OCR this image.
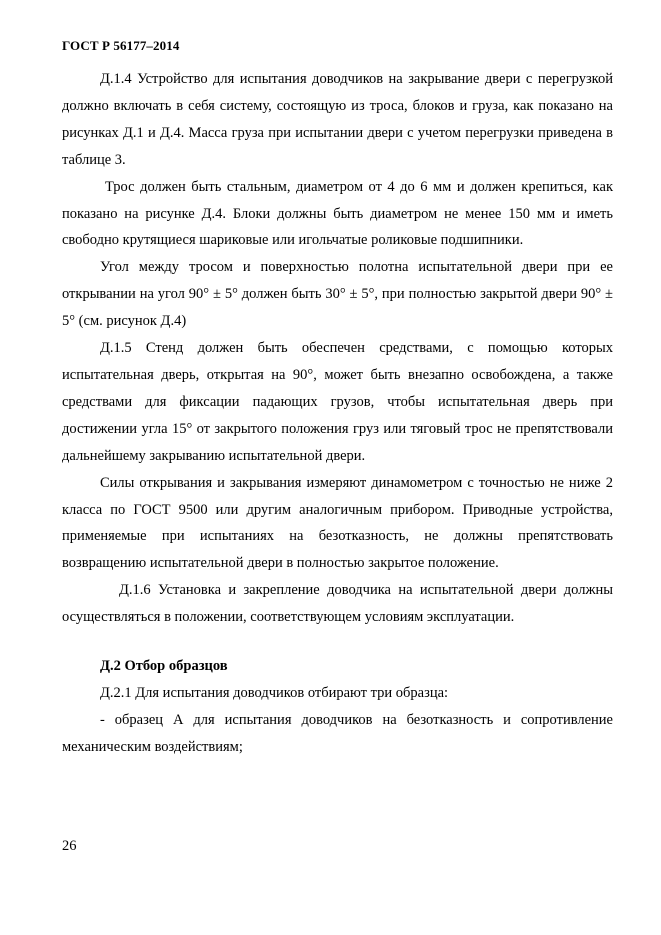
ГОСТ Р 56177–2014

Д.1.4 Устройство для испытания доводчиков на закрывание двери с перегрузкой должно включать в себя систему, состоящую из троса, блоков и груза, как показано на рисунках Д.1 и Д.4. Масса груза при испытании двери с учетом перегрузки приведена в таблице 3.

Трос должен быть стальным, диаметром от 4 до 6 мм и должен крепиться, как показано на рисунке Д.4. Блоки должны быть диаметром не менее 150 мм и иметь свободно крутящиеся шариковые или игольчатые роликовые подшипники.

Угол между тросом и поверхностью полотна испытательной двери при ее открывании на угол 90° ± 5° должен быть 30° ± 5°, при полностью закрытой двери 90° ± 5° (см. рисунок Д.4)

Д.1.5 Стенд должен быть обеспечен средствами, с помощью которых испытательная дверь, открытая на 90°, может быть внезапно освобождена, а также средствами для фиксации падающих грузов, чтобы испытательная дверь при достижении угла 15° от закрытого положения груз или тяговый трос не препятствовали дальнейшему закрыванию испытательной двери.

Силы открывания и закрывания измеряют динамометром с точностью не ниже 2 класса по ГОСТ 9500 или другим аналогичным прибором. Приводные устройства, применяемые при испытаниях на безотказность, не должны препятствовать возвращению испытательной двери в полностью закрытое положение.

Д.1.6 Установка и закрепление доводчика на испытательной двери должны осуществляться в положении, соответствующем условиям эксплуатации.

Д.2 Отбор образцов

Д.2.1 Для испытания доводчиков отбирают три образца:

- образец А для испытания доводчиков на безотказность и сопротивление механическим воздействиям;

26
